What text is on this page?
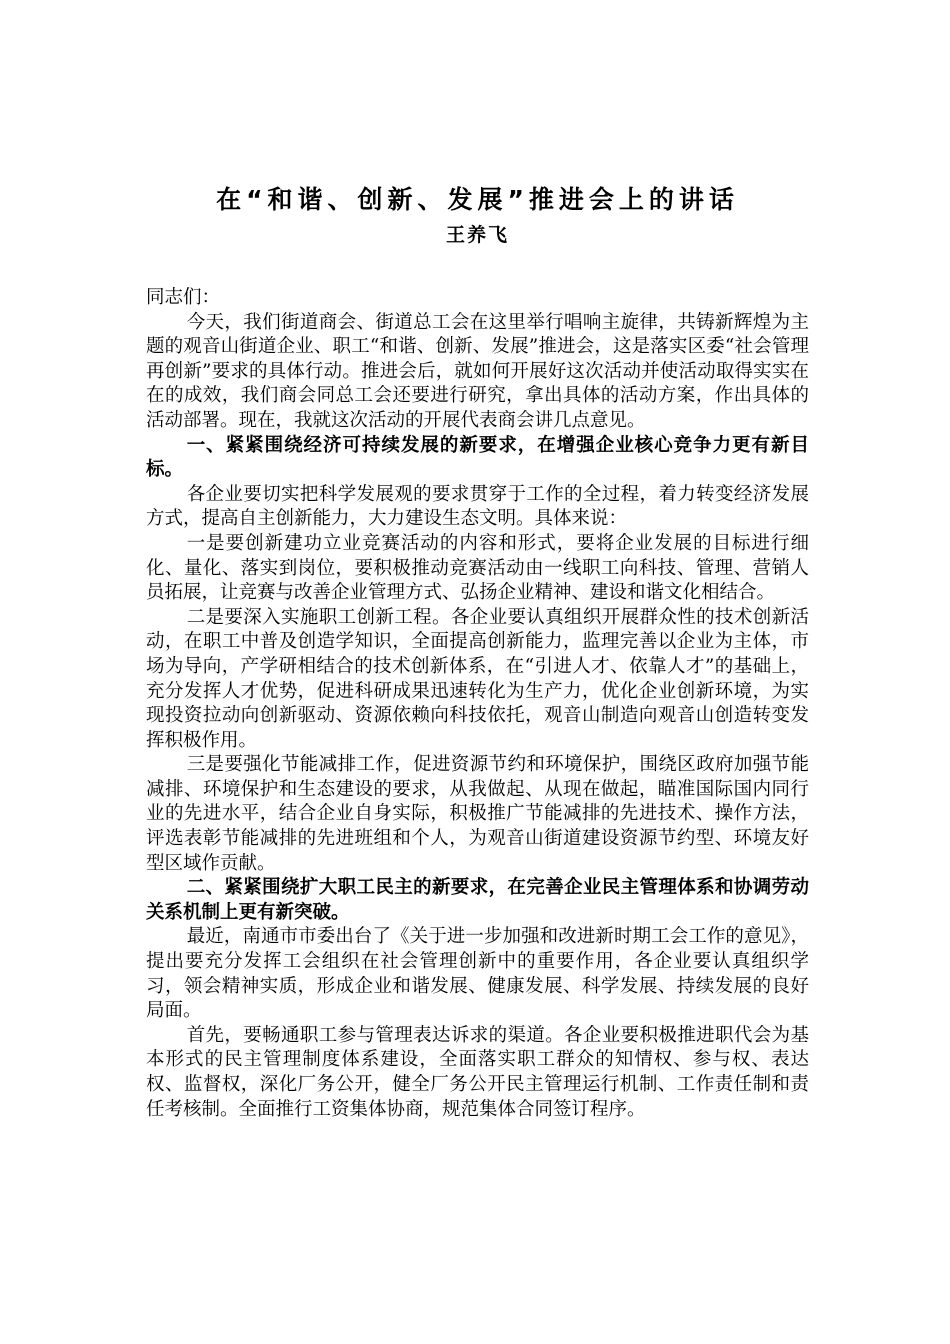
在“和谐、创新、发展”推进会上的讲话
王养飞

同志们：

今天，我们街道商会、街道总工会在这里举行唱响主旋律，共铸新辉煌为主题的观音山街道企业、职工“和谐、创新、发展”推进会，这是落实区委“社会管理再创新”要求的具体行动。推进会后，就如何开展好这次活动并使活动取得实实在在的成效，我们商会同总工会还要进行研究，拿出具体的活动方案，作出具体的活动部署。现在，我就这次活动的开展代表商会讲几点意见。

一、紧紧围绕经济可持续发展的新要求，在增强企业核心竞争力更有新目标。

各企业要切实把科学发展观的要求贯穿于工作的全过程，着力转变经济发展方式，提高自主创新能力，大力建设生态文明。具体来说：

一是要创新建功立业竞赛活动的内容和形式，要将企业发展的目标进行细化、量化、落实到岗位，要积极推动竞赛活动由一线职工向科技、管理、营销人员拓展，让竞赛与改善企业管理方式、弘扬企业精神、建设和谐文化相结合。

二是要深入实施职工创新工程。各企业要认真组织开展群众性的技术创新活动，在职工中普及创造学知识，全面提高创新能力，监理完善以企业为主体，市场为导向，产学研相结合的技术创新体系，在“引进人才、依靠人才”的基础上，充分发挥人才优势，促进科研成果迅速转化为生产力，优化企业创新环境，为实现投资拉动向创新驱动、资源依赖向科技依托，观音山制造向观音山创造转变发挥积极作用。

三是要强化节能减排工作，促进资源节约和环境保护，围绕区政府加强节能减排、环境保护和生态建设的要求，从我做起、从现在做起，瞄准国际国内同行业的先进水平，结合企业自身实际，积极推广节能减排的先进技术、操作方法，评选表彰节能减排的先进班组和个人，为观音山街道建设资源节约型、环境友好型区域作贡献。

二、紧紧围绕扩大职工民主的新要求，在完善企业民主管理体系和协调劳动关系机制上更有新突破。

最近，南通市市委出台了《关于进一步加强和改进新时期工会工作的意见》，提出要充分发挥工会组织在社会管理创新中的重要作用，各企业要认真组织学习，领会精神实质，形成企业和谐发展、健康发展、科学发展、持续发展的良好局面。

首先，要畅通职工参与管理表达诉求的渠道。各企业要积极推进职代会为基本形式的民主管理制度体系建设，全面落实职工群众的知情权、参与权、表达权、监督权，深化厂务公开，健全厂务公开民主管理运行机制、工作责任制和责任考核制。全面推行工资集体协商，规范集体合同签订程序。
